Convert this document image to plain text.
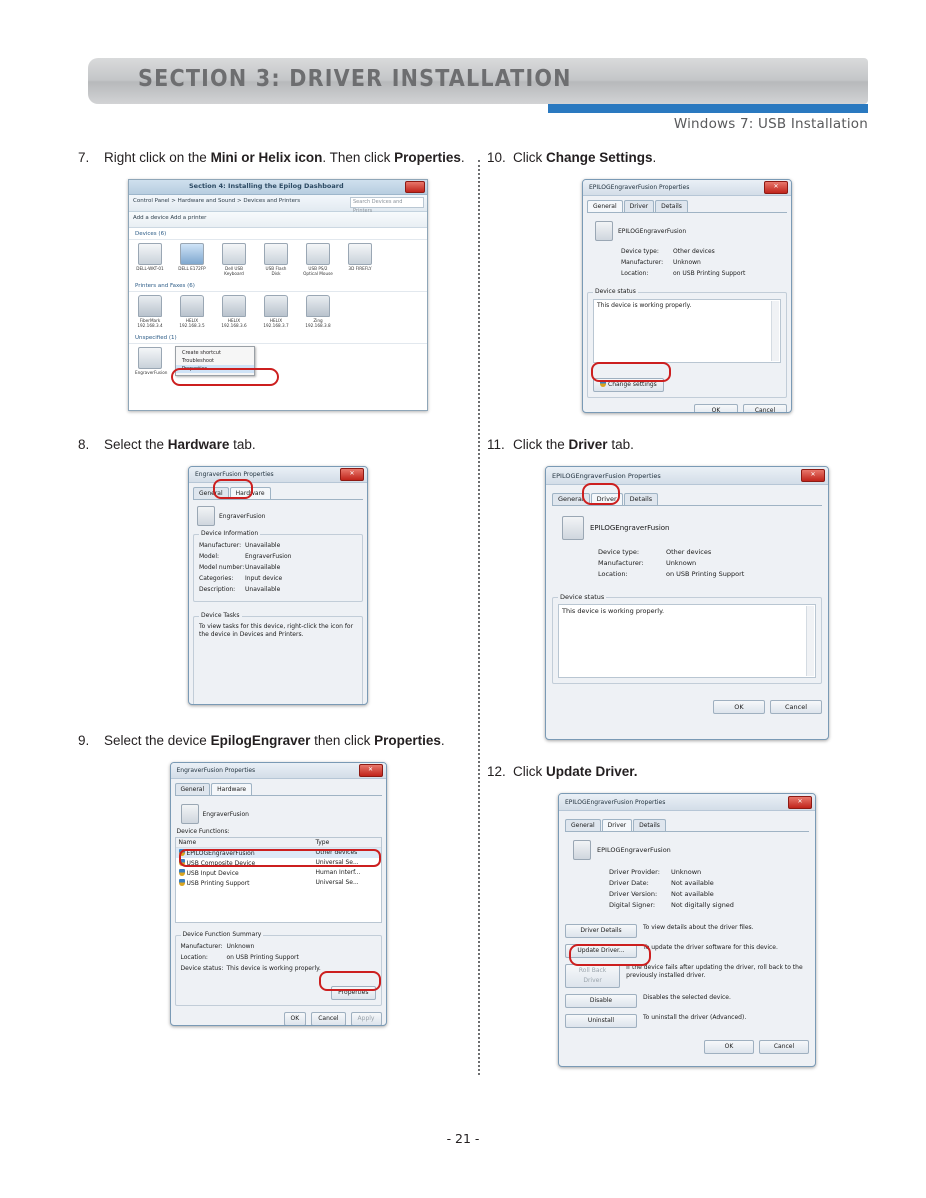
SECTION 3: DRIVER INSTALLATION
Windows 7: USB Installation
7.	Right click on the Mini or Helix icon. Then click Properties.
Section 4: Installing the Epilog Dashboard
Control Panel > Hardware and Sound > Devices and Printers	Search Devices and Printers
Add a device Add a printer
Devices (6)
DELL-WKT-01	DELL E172FP	Dell USB Keyboard
USB Flash Disk
USB PS/2 Optical Mouse
3D FIREFLY
Printers and Faxes (6)
FiberMark 192.168.3.4
HELIX 192.168.3.5
HELIX 192.168.3.6
HELIX 192.168.3.7
Zing 192.168.3.8
Unspecified (1)
EngraverFusion
Create shortcut
Troubleshoot
Properties
8.	Select the Hardware tab.
EngraverFusion Properties	✕
General	Hardware
EngraverFusion
Device Information
Manufacturer: Unavailable
Model:	EngraverFusion
Model number: Unavailable
Categories:	Input device
Description:	Unavailable
Device Tasks
To view tasks for this device, right-click the icon for the device in Devices and Printers.
9.	Select the device EpilogEngraver then click Properties.
EngraverFusion Properties	✕
General	Hardware
EngraverFusion
Device Functions:
Name	Type
EPILOGEngraverFusion	Other devices
USB Composite Device	Universal Se...
USB Input Device	Human Interf...
USB Printing Support	Universal Se...
Device Function Summary
Manufacturer: Unknown
Location:	on USB Printing Support
Device status: This device is working properly.
Properties
OK	Cancel	Apply
10. Click Change Settings.
EPILOGEngraverFusion Properties	✕
General	Driver	Details
EPILOGEngraverFusion
Device type:	Other devices
Manufacturer:	Unknown
Location:	on USB Printing Support
Device status
This device is working properly.
Change settings
OK	Cancel
11. Click the Driver tab.
EPILOGEngraverFusion Properties	✕
General	Driver	Details
EPILOGEngraverFusion
Device type:	Other devices
Manufacturer:	Unknown
Location:	on USB Printing Support
Device status
This device is working properly.
OK	Cancel
12. Click Update Driver.
EPILOGEngraverFusion Properties	✕
General	Driver	Details
EPILOGEngraverFusion
Driver Provider:	Unknown
Driver Date:	Not available
Driver Version:	Not available
Digital Signer:	Not digitally signed
Driver Details	To view details about the driver files.
Update Driver...	To update the driver software for this device.
Roll Back Driver
If the device fails after updating the driver, roll back to the previously installed driver.
Disable	Disables the selected device.
Uninstall	To uninstall the driver (Advanced).
OK	Cancel
- 21 -
